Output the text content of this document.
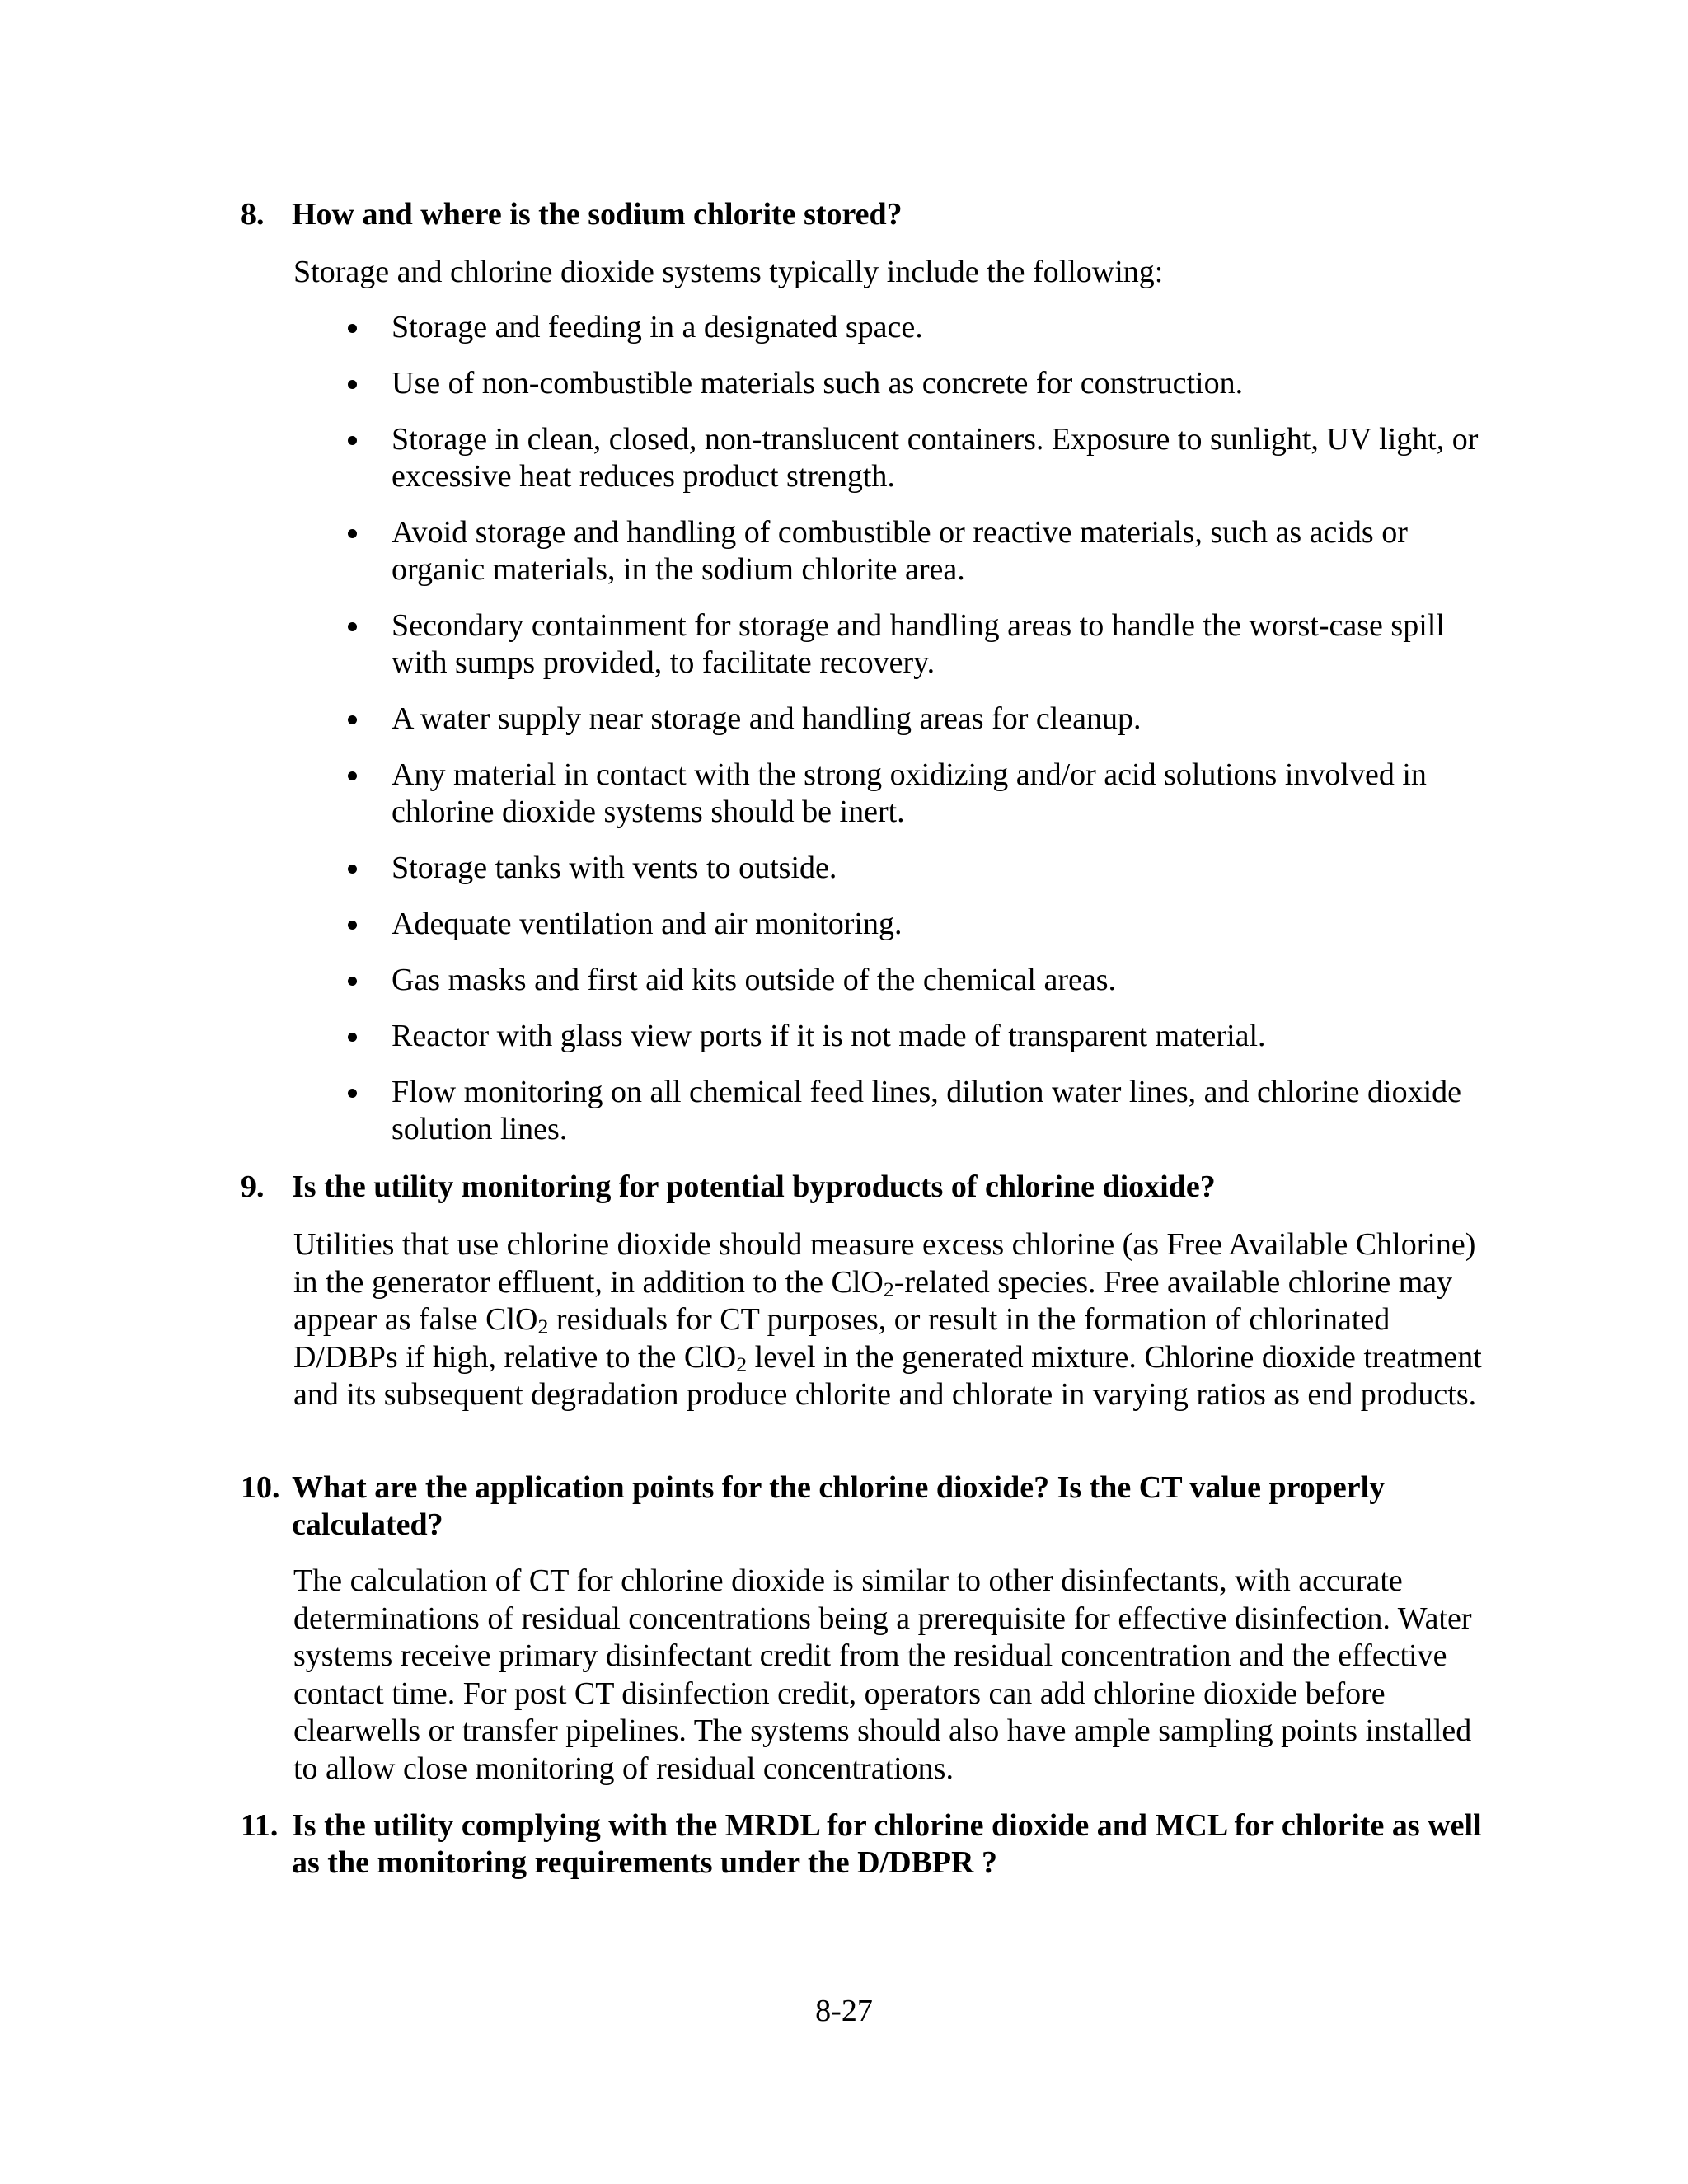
8. How and where is the sodium chlorite stored?
Storage and chlorine dioxide systems typically include the following:
Storage and feeding in a designated space.
Use of non-combustible materials such as concrete for construction.
Storage in clean, closed, non-translucent containers. Exposure to sunlight, UV light, or excessive heat reduces product strength.
Avoid storage and handling of combustible or reactive materials, such as acids or organic materials, in the sodium chlorite area.
Secondary containment for storage and handling areas to handle the worst-case spill with sumps provided, to facilitate recovery.
A water supply near storage and handling areas for cleanup.
Any material in contact with the strong oxidizing and/or acid solutions involved in chlorine dioxide systems should be inert.
Storage tanks with vents to outside.
Adequate ventilation and air monitoring.
Gas masks and first aid kits outside of the chemical areas.
Reactor with glass view ports if it is not made of transparent material.
Flow monitoring on all chemical feed lines, dilution water lines, and chlorine dioxide solution lines.
9. Is the utility monitoring for potential byproducts of chlorine dioxide?
Utilities that use chlorine dioxide should measure excess chlorine (as Free Available Chlorine) in the generator effluent, in addition to the ClO$_2$-related species. Free available chlorine may appear as false ClO$_2$ residuals for CT purposes, or result in the formation of chlorinated D/DBPs if high, relative to the ClO$_2$ level in the generated mixture. Chlorine dioxide treatment and its subsequent degradation produce chlorite and chlorate in varying ratios as end products.
10. What are the application points for the chlorine dioxide? Is the CT value properly calculated?
The calculation of CT for chlorine dioxide is similar to other disinfectants, with accurate determinations of residual concentrations being a prerequisite for effective disinfection. Water systems receive primary disinfectant credit from the residual concentration and the effective contact time. For post CT disinfection credit, operators can add chlorine dioxide before clearwells or transfer pipelines. The systems should also have ample sampling points installed to allow close monitoring of residual concentrations.
11. Is the utility complying with the MRDL for chlorine dioxide and MCL for chlorite as well as the monitoring requirements under the D/DBPR ?
8-27
